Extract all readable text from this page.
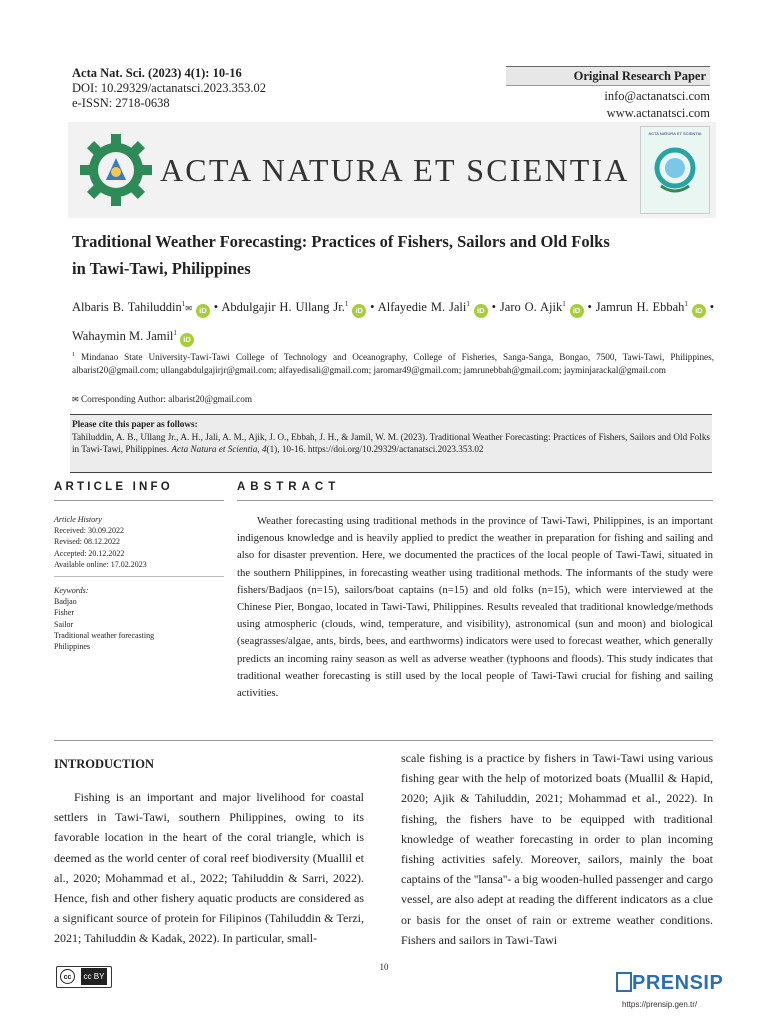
Acta Nat. Sci. (2023) 4(1): 10-16
DOI: 10.29329/actanatsci.2023.353.02
e-ISSN: 2718-0638
Original Research Paper
info@actanatsci.com
www.actanatsci.com
ACTA NATURA ET SCIENTIA
ACTA NATURA ET SCIENTIA
Traditional Weather Forecasting: Practices of Fishers, Sailors and Old Folks
in Tawi-Tawi, Philippines
Albaris B. Tahiluddin$^1$✉ iD • Abdulgajir H. Ullang Jr.$^1$ iD • Alfayedie M. Jali$^1$ iD • Jaro O. Ajik$^1$ iD • Jamrun H. Ebbah$^1$ iD • Wahaymin M. Jamil$^1$ iD
$^1$ Mindanao State University-Tawi-Tawi College of Technology and Oceanography, College of Fisheries, Sanga-Sanga, Bongao, 7500, Tawi-Tawi, Philippines, albarist20@gmail.com; ullangabdulgajirjr@gmail.com; alfayedisali@gmail.com; jaromar49@gmail.com; jamrunebbah@gmail.com; jayminjarackal@gmail.com
✉ Corresponding Author: albarist20@gmail.com
Please cite this paper as follows:
Tahiluddin, A. B., Ullang Jr., A. H., Jali, A. M., Ajik, J. O., Ebbah, J. H., & Jamil, W. M. (2023). Traditional Weather Forecasting: Practices of Fishers, Sailors and Old Folks in Tawi-Tawi, Philippines. Acta Natura et Scientia, 4(1), 10-16. https://doi.org/10.29329/actanatsci.2023.353.02
ARTICLE INFO	ABSTRACT
Article History
Received: 30.09.2022
Revised: 08.12.2022
Accepted: 20.12.2022
Available online: 17.02.2023
Keywords:
Badjao
Fisher
Sailor
Traditional weather forecasting
Philippines
Weather forecasting using traditional methods in the province of Tawi-Tawi, Philippines, is an important indigenous knowledge and is heavily applied to predict the weather in preparation for fishing and sailing and also for disaster prevention. Here, we documented the practices of the local people of Tawi-Tawi, situated in the southern Philippines, in forecasting weather using traditional methods. The informants of the study were fishers/Badjaos (n=15), sailors/boat captains (n=15) and old folks (n=15), which were interviewed at the Chinese Pier, Bongao, located in Tawi-Tawi, Philippines. Results revealed that traditional knowledge/methods using atmospheric (clouds, wind, temperature, and visibility), astronomical (sun and moon) and biological (seagrasses/algae, ants, birds, bees, and earthworms) indicators were used to forecast weather, which generally predicts an incoming rainy season as well as adverse weather (typhoons and floods). This study indicates that traditional weather forecasting is still used by the local people of Tawi-Tawi crucial for fishing and sailing activities.
INTRODUCTION
Fishing is an important and major livelihood for coastal settlers in Tawi-Tawi, southern Philippines, owing to its favorable location in the heart of the coral triangle, which is deemed as the world center of coral reef biodiversity (Muallil et al., 2020; Mohammad et al., 2022; Tahiluddin & Sarri, 2022). Hence, fish and other fishery aquatic products are considered as a significant source of protein for Filipinos (Tahiluddin & Terzi, 2021; Tahiluddin & Kadak, 2022). In particular, small-
scale fishing is a practice by fishers in Tawi-Tawi using various fishing gear with the help of motorized boats (Muallil & Hapid, 2020; Ajik & Tahiluddin, 2021; Mohammad et al., 2022). In fishing, the fishers have to be equipped with traditional knowledge of weather forecasting in order to plan incoming fishing activities safely. Moreover, sailors, mainly the boat captains of the ''lansa''- a big wooden-hulled passenger and cargo vessel, are also adept at reading the different indicators as a clue or basis for the onset of rain or extreme weather conditions. Fishers and sailors in Tawi-Tawi
10
cc	cc BY	PRENSIP
https://prensip.gen.tr/
